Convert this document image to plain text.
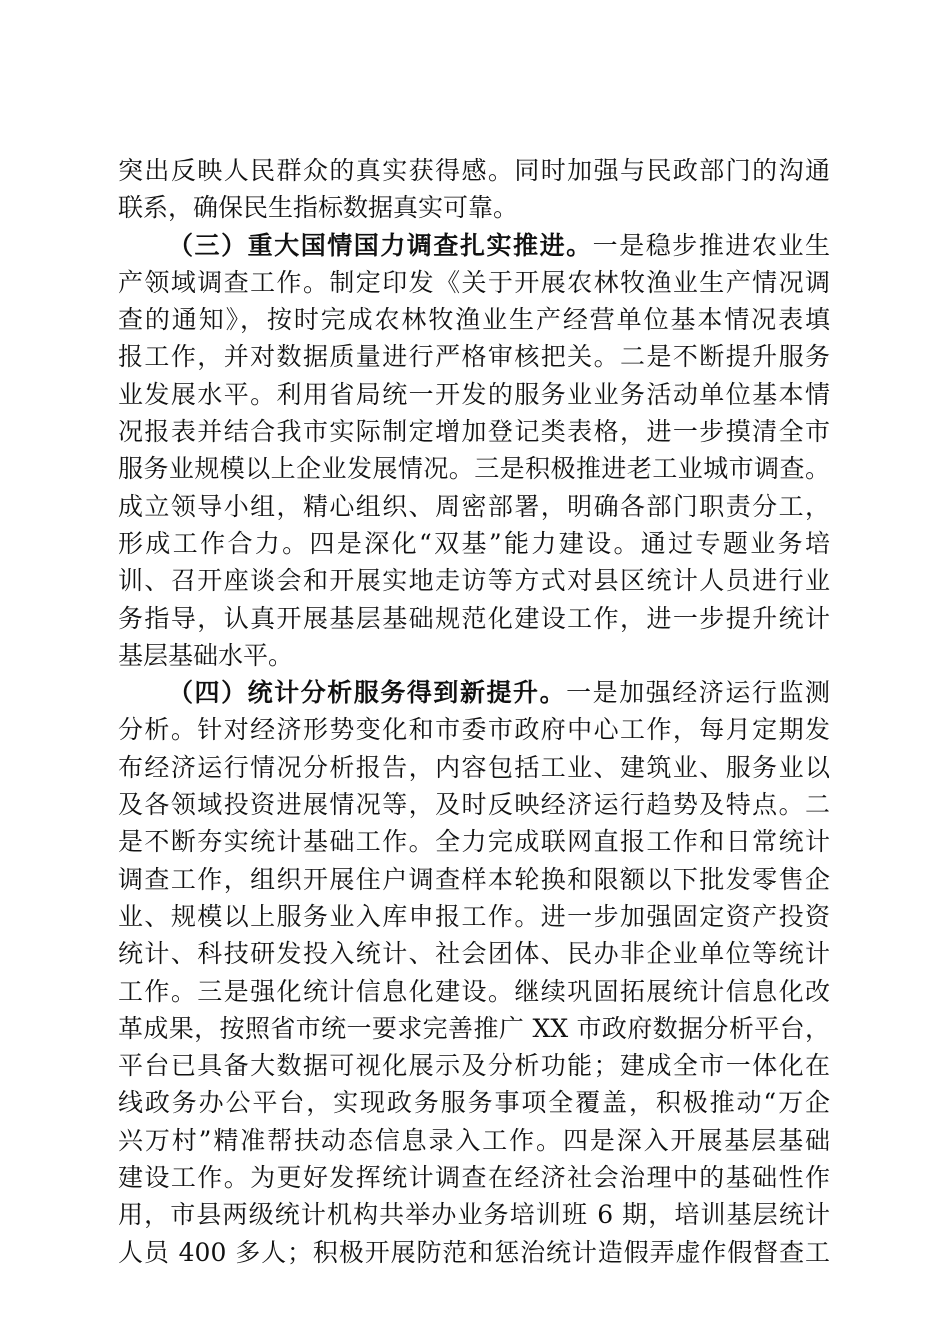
突出反映人民群众的真实获得感。同时加强与民政部门的沟通
联系，确保民生指标数据真实可靠。
（三）重大国情国力调查扎实推进。一是稳步推进农业生
产领域调查工作。制定印发《关于开展农林牧渔业生产情况调
查的通知》，按时完成农林牧渔业生产经营单位基本情况表填
报工作，并对数据质量进行严格审核把关。二是不断提升服务
业发展水平。利用省局统一开发的服务业业务活动单位基本情
况报表并结合我市实际制定增加登记类表格，进一步摸清全市
服务业规模以上企业发展情况。三是积极推进老工业城市调查。
成立领导小组，精心组织、周密部署，明确各部门职责分工，
形成工作合力。四是深化“双基”能力建设。通过专题业务培
训、召开座谈会和开展实地走访等方式对县区统计人员进行业
务指导，认真开展基层基础规范化建设工作，进一步提升统计
基层基础水平。
（四）统计分析服务得到新提升。一是加强经济运行监测
分析。针对经济形势变化和市委市政府中心工作，每月定期发
布经济运行情况分析报告，内容包括工业、建筑业、服务业以
及各领域投资进展情况等，及时反映经济运行趋势及特点。二
是不断夯实统计基础工作。全力完成联网直报工作和日常统计
调查工作，组织开展住户调查样本轮换和限额以下批发零售企
业、规模以上服务业入库申报工作。进一步加强固定资产投资
统计、科技研发投入统计、社会团体、民办非企业单位等统计
工作。三是强化统计信息化建设。继续巩固拓展统计信息化改
革成果，按照省市统一要求完善推广 XX 市政府数据分析平台，
平台已具备大数据可视化展示及分析功能；建成全市一体化在
线政务办公平台，实现政务服务事项全覆盖，积极推动“万企
兴万村”精准帮扶动态信息录入工作。四是深入开展基层基础
建设工作。为更好发挥统计调查在经济社会治理中的基础性作
用，市县两级统计机构共举办业务培训班 6 期，培训基层统计
人员 400 多人；积极开展防范和惩治统计造假弄虚作假督查工
